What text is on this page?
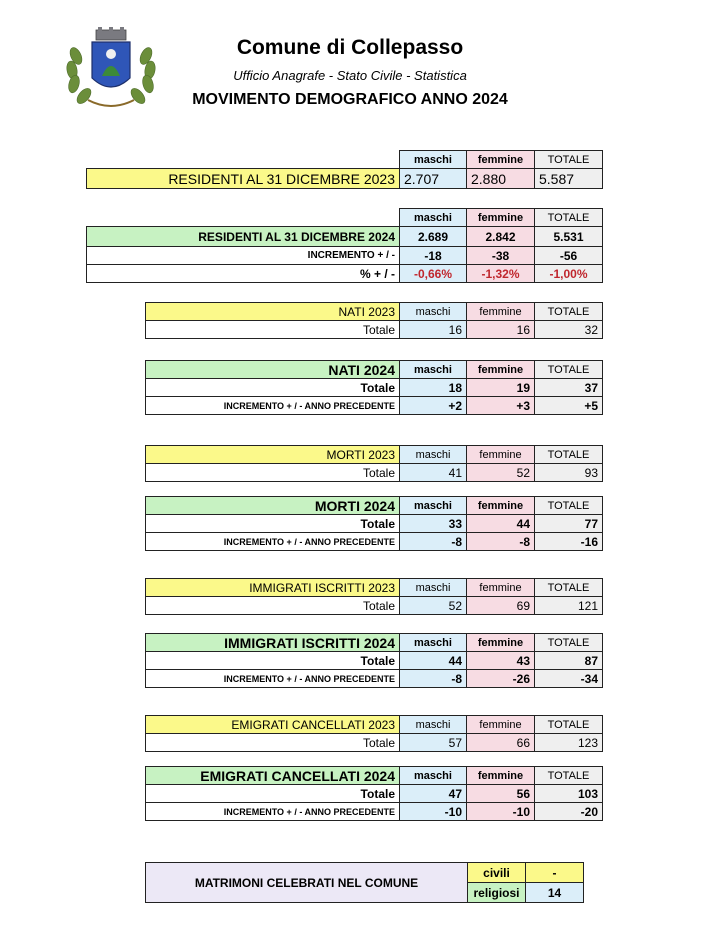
Comune di Collepasso
Ufficio Anagrafe - Stato Civile - Statistica
MOVIMENTO DEMOGRAFICO ANNO 2024
	maschi	femmine	TOTALE
RESIDENTI AL 31 DICEMBRE 2023	2.707	2.880	5.587
	maschi	femmine	TOTALE
RESIDENTI AL 31 DICEMBRE 2024	2.689	2.842	5.531
INCREMENTO + / -	-18	-38	-56
% + / -	-0,66%	-1,32%	-1,00%
NATI 2023	maschi	femmine	TOTALE
Totale	16	16	32
NATI 2024	maschi	femmine	TOTALE
Totale	18	19	37
INCREMENTO + / - ANNO PRECEDENTE	+2	+3	+5
MORTI 2023	maschi	femmine	TOTALE
Totale	41	52	93
MORTI 2024	maschi	femmine	TOTALE
Totale	33	44	77
INCREMENTO + / - ANNO PRECEDENTE	-8	-8	-16
IMMIGRATI ISCRITTI 2023	maschi	femmine	TOTALE
Totale	52	69	121
IMMIGRATI ISCRITTI 2024	maschi	femmine	TOTALE
Totale	44	43	87
INCREMENTO + / - ANNO PRECEDENTE	-8	-26	-34
EMIGRATI CANCELLATI 2023	maschi	femmine	TOTALE
Totale	57	66	123
EMIGRATI CANCELLATI 2024	maschi	femmine	TOTALE
Totale	47	56	103
INCREMENTO + / - ANNO PRECEDENTE	-10	-10	-20
MATRIMONI CELEBRATI NEL COMUNE
civili	-
religiosi	14
